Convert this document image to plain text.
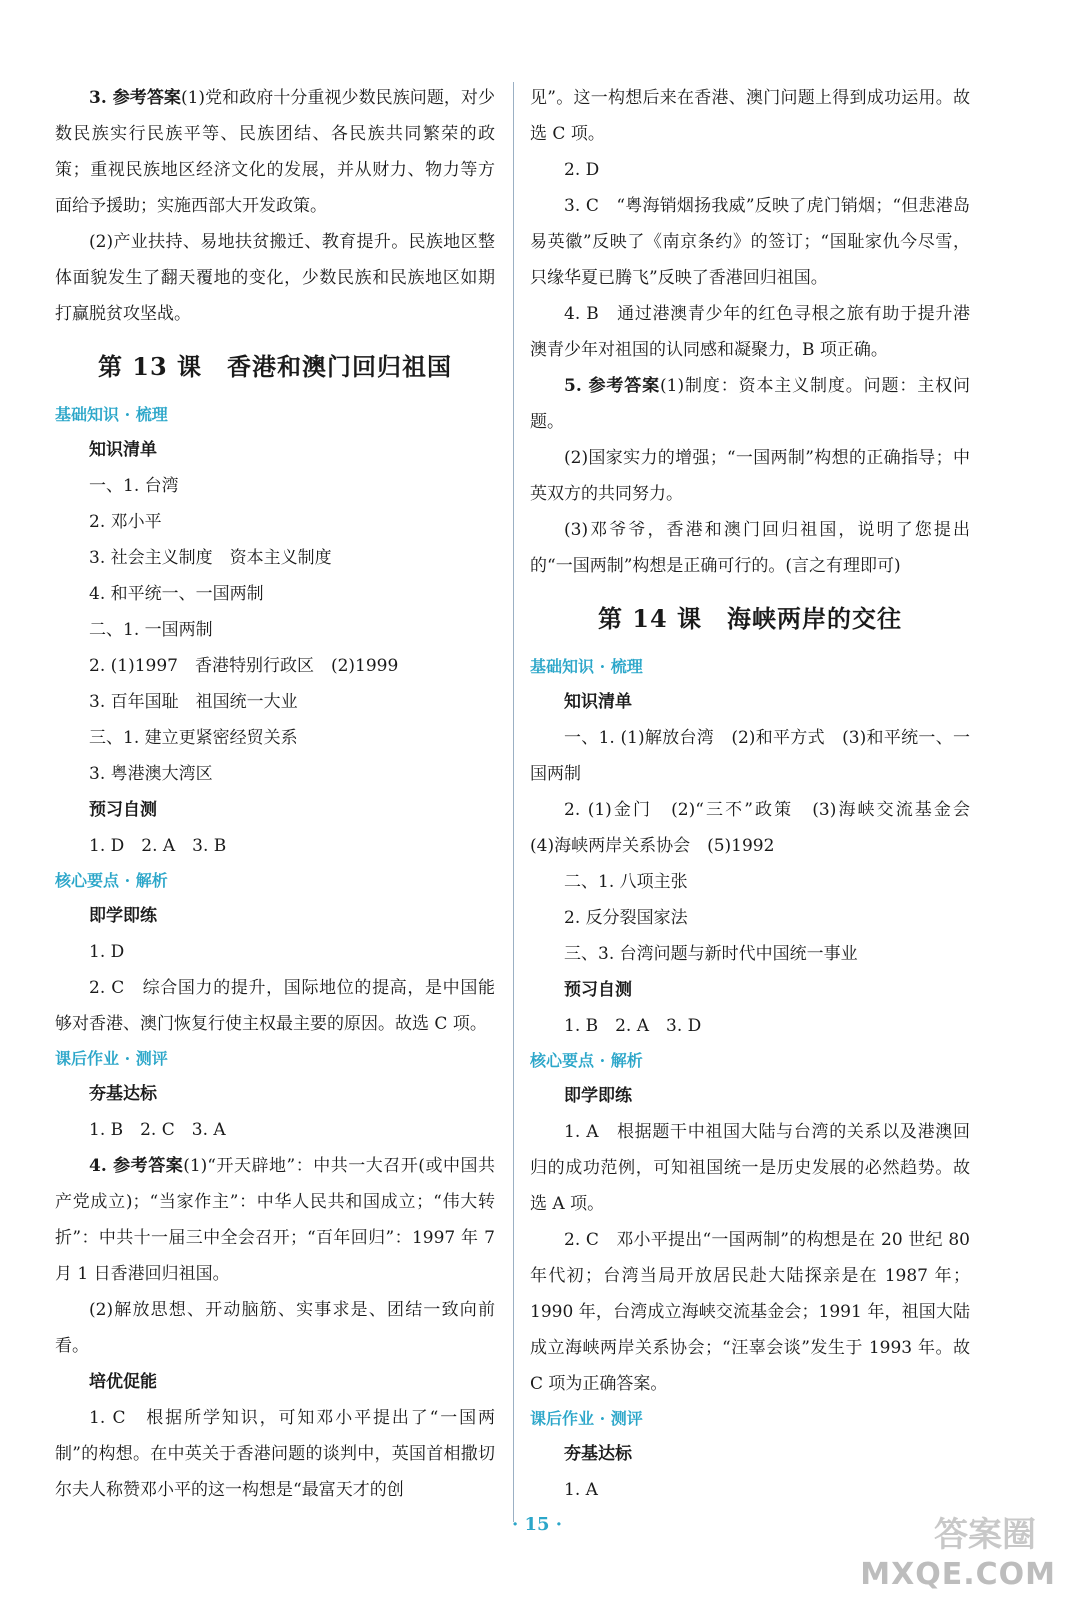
3. 参考答案(1)党和政府十分重视少数民族问题，对少数民族实行民族平等、民族团结、各民族共同繁荣的政策；重视民族地区经济文化的发展，并从财力、物力等方面给予援助；实施西部大开发政策。

(2)产业扶持、易地扶贫搬迁、教育提升。民族地区整体面貌发生了翻天覆地的变化，少数民族和民族地区如期打赢脱贫攻坚战。

第 13 课　香港和澳门回归祖国
基础知识 · 梳理
知识清单

一、1. 台湾

2. 邓小平

3. 社会主义制度　资本主义制度

4. 和平统一、一国两制

二、1. 一国两制

2. (1)1997　香港特别行政区　(2)1999

3. 百年国耻　祖国统一大业

三、1. 建立更紧密经贸关系

3. 粤港澳大湾区

预习自测

1. D　2. A　3. B

核心要点 · 解析
即学即练

1. D

2. C　综合国力的提升，国际地位的提高，是中国能够对香港、澳门恢复行使主权最主要的原因。故选 C 项。

课后作业 · 测评
夯基达标

1. B　2. C　3. A

4. 参考答案(1)“开天辟地”：中共一大召开(或中国共产党成立)；“当家作主”：中华人民共和国成立；“伟大转折”：中共十一届三中全会召开；“百年回归”：1997 年 7 月 1 日香港回归祖国。

(2)解放思想、开动脑筋、实事求是、团结一致向前看。

培优促能

1. C　根据所学知识，可知邓小平提出了“一国两制”的构想。在中英关于香港问题的谈判中，英国首相撒切尔夫人称赞邓小平的这一构想是“最富天才的创

见”。这一构想后来在香港、澳门问题上得到成功运用。故选 C 项。

2. D

3. C　“粤海销烟扬我威”反映了虎门销烟；“但悲港岛易英徽”反映了《南京条约》的签订；“国耻家仇今尽雪，只缘华夏已腾飞”反映了香港回归祖国。

4. B　通过港澳青少年的红色寻根之旅有助于提升港澳青少年对祖国的认同感和凝聚力，B 项正确。

5. 参考答案(1)制度：资本主义制度。问题：主权问题。

(2)国家实力的增强；“一国两制”构想的正确指导；中英双方的共同努力。

(3)邓爷爷，香港和澳门回归祖国，说明了您提出的“一国两制”构想是正确可行的。(言之有理即可)

第 14 课　海峡两岸的交往
基础知识 · 梳理
知识清单

一、1. (1)解放台湾　(2)和平方式　(3)和平统一、一国两制

2. (1)金门　(2)“三不”政策　(3)海峡交流基金会　(4)海峡两岸关系协会　(5)1992

二、1. 八项主张

2. 反分裂国家法

三、3. 台湾问题与新时代中国统一事业

预习自测

1. B　2. A　3. D

核心要点 · 解析
即学即练

1. A　根据题干中祖国大陆与台湾的关系以及港澳回归的成功范例，可知祖国统一是历史发展的必然趋势。故选 A 项。

2. C　邓小平提出“一国两制”的构想是在 20 世纪 80 年代初；台湾当局开放居民赴大陆探亲是在 1987 年；1990 年，台湾成立海峡交流基金会；1991 年，祖国大陆成立海峡两岸关系协会；“汪辜会谈”发生于 1993 年。故 C 项为正确答案。

课后作业 · 测评
夯基达标

1. A

· 15 ·	答案圈
MXQE.COM
